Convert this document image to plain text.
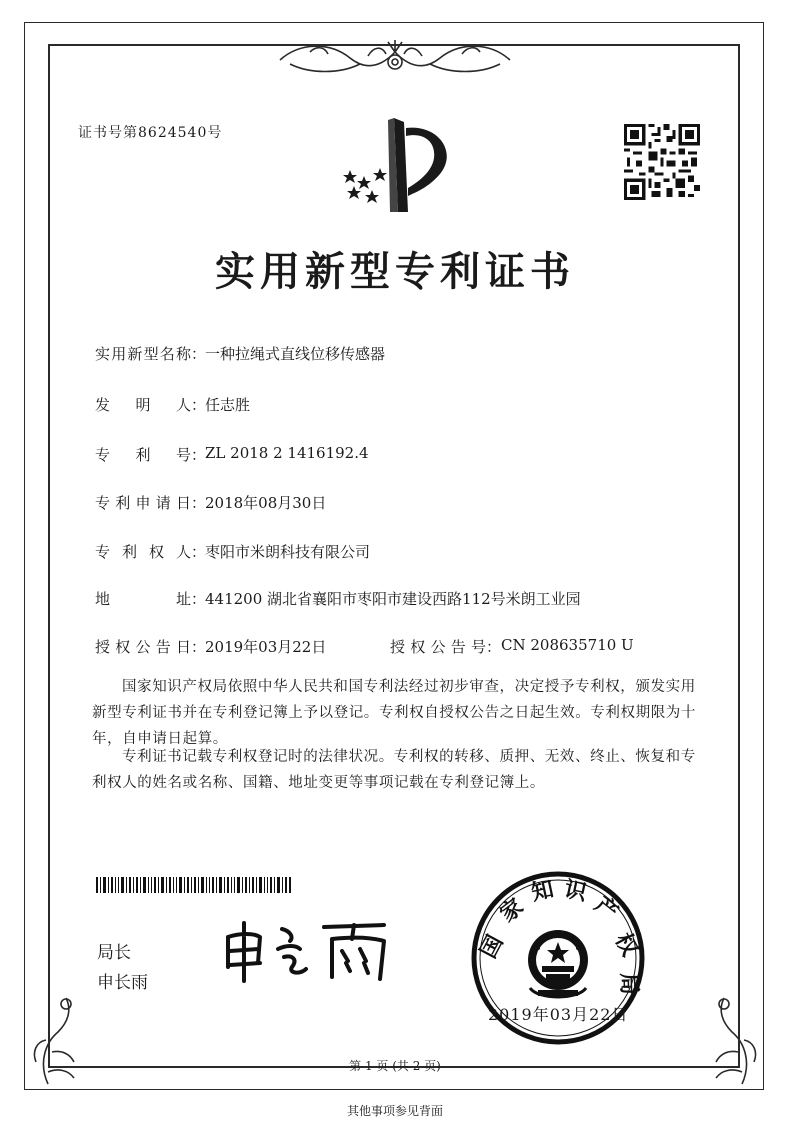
证书号第8624540号
实用新型专利证书
实用新型名称 ：
一种拉绳式直线位移传感器
发明人 ：
任志胜
专利号 ：
ZL 2018 2 1416192.4
专利申请日 ：
2018年08月30日
专利权人 ：
枣阳市米朗科技有限公司
地址 ：
441200 湖北省襄阳市枣阳市建设西路112号米朗工业园
授权公告日 ：
2019年03月22日	授权公告号 ： CN 208635710 U
国家知识产权局依照中华人民共和国专利法经过初步审查，决定授予专利权，颁发实用新型专利证书并在专利登记簿上予以登记。专利权自授权公告之日起生效。专利权期限为十年，自申请日起算。
专利证书记载专利权登记时的法律状况。专利权的转移、质押、无效、终止、恢复和专利权人的姓名或名称、国籍、地址变更等事项记载在专利登记簿上。
局长
申长雨
国
家
知 识
产
权
局
2019年03月22日
第 1 页 (共 2 页)
其他事项参见背面
